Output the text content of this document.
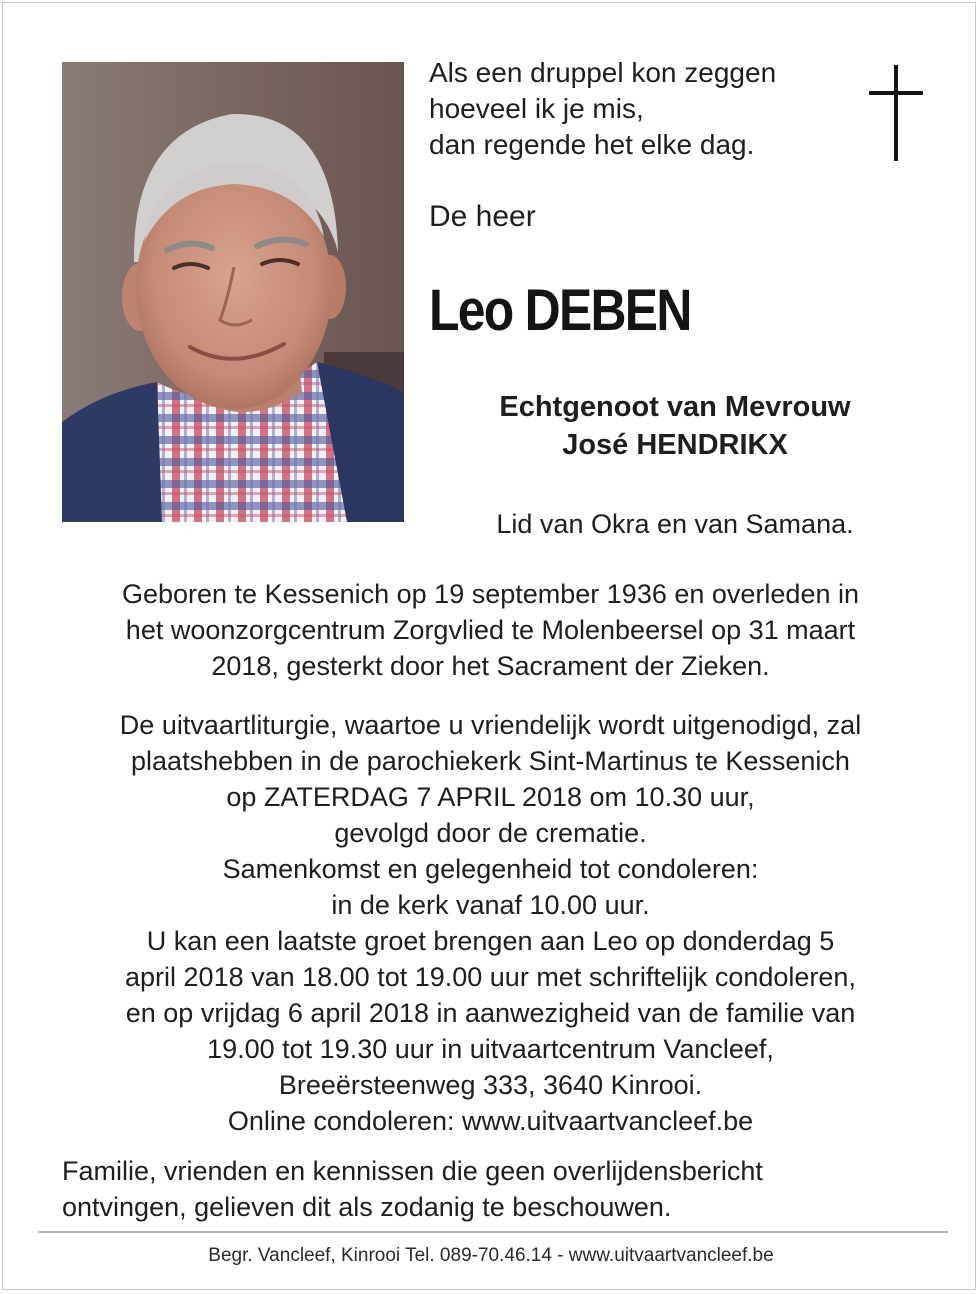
Als een druppel kon zeggen
hoeveel ik je mis,
dan regende het elke dag.
De heer
Leo DEBEN
Echtgenoot van Mevrouw
José HENDRIKX
Lid van Okra en van Samana.
Geboren te Kessenich op 19 september 1936 en overleden in
het woonzorgcentrum Zorgvlied te Molenbeersel op 31 maart
2018, gesterkt door het Sacrament der Zieken.
De uitvaartliturgie, waartoe u vriendelijk wordt uitgenodigd, zal
plaatshebben in de parochiekerk Sint-Martinus te Kessenich
op ZATERDAG 7 APRIL 2018 om 10.30 uur,
gevolgd door de crematie.
Samenkomst en gelegenheid tot condoleren:
in de kerk vanaf 10.00 uur.
U kan een laatste groet brengen aan Leo op donderdag 5
april 2018 van 18.00 tot 19.00 uur met schriftelijk condoleren,
en op vrijdag 6 april 2018 in aanwezigheid van de familie van
19.00 tot 19.30 uur in uitvaartcentrum Vancleef,
Breeërsteenweg 333, 3640 Kinrooi.
Online condoleren: www.uitvaartvancleef.be
Familie, vrienden en kennissen die geen overlijdensbericht
ontvingen, gelieven dit als zodanig te beschouwen.
Begr. Vancleef, Kinrooi Tel. 089-70.46.14 - www.uitvaartvancleef.be
